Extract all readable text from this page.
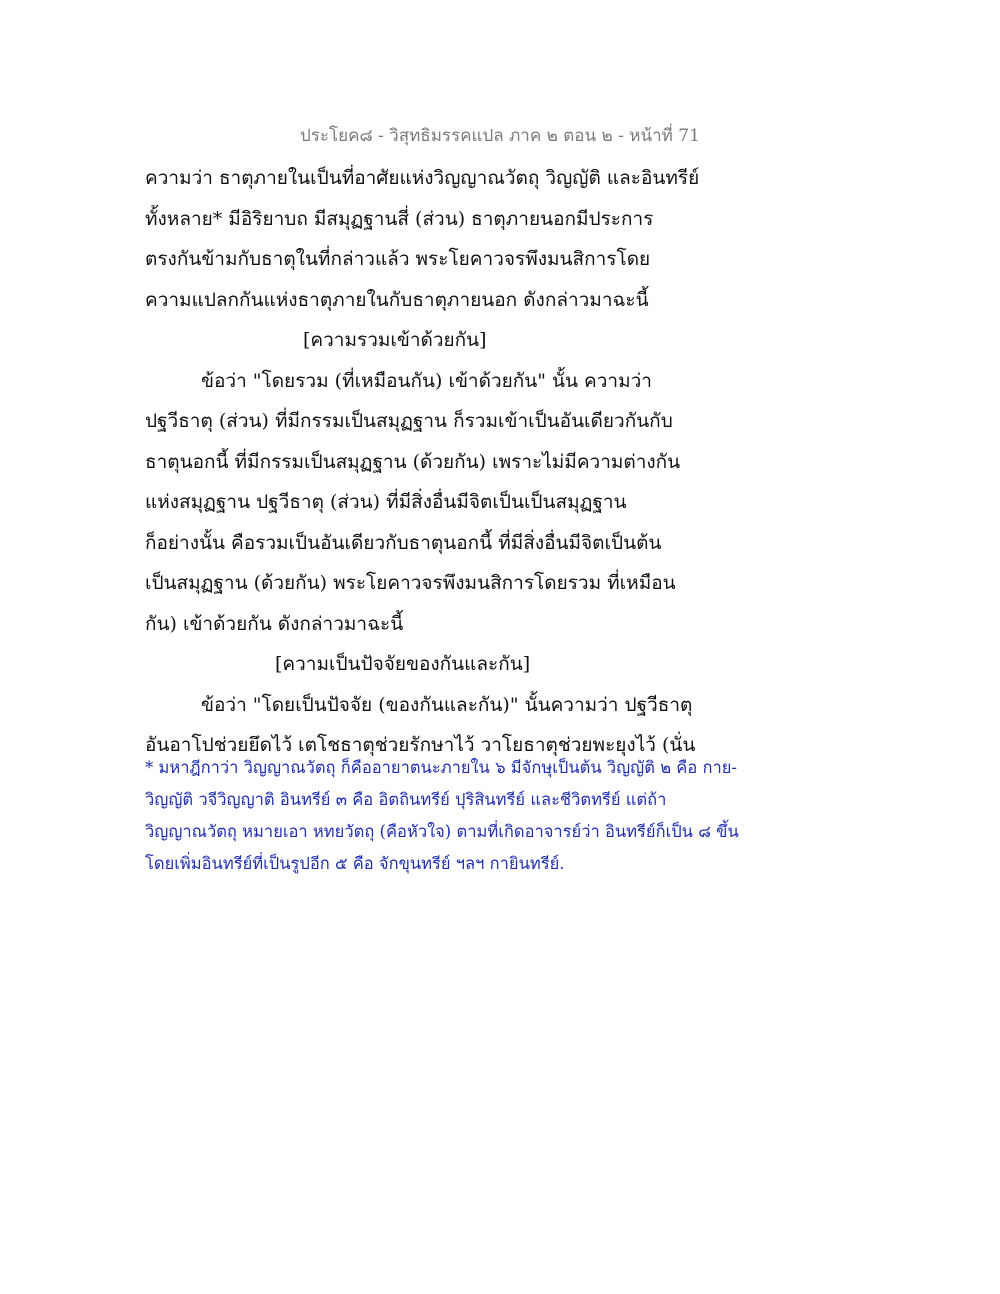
ประโยค๘ - วิสุทธิมรรคแปล ภาค ๒ ตอน ๒ - หน้าที่ 71
ความว่า ธาตุภายในเป็นที่อาศัยแห่งวิญญาณวัตถุ วิญญัติ และอินทรีย์
ทั้งหลาย* มีอิริยาบถ มีสมุฏฐานสี่ (ส่วน) ธาตุภายนอกมีประการ
ตรงกันข้ามกับธาตุในที่กล่าวแล้ว พระโยคาวจรพึงมนสิการโดย
ความแปลกกันแห่งธาตุภายในกับธาตุภายนอก ดังกล่าวมาฉะนี้
[ความรวมเข้าด้วยกัน]
ข้อว่า "โดยรวม (ที่เหมือนกัน) เข้าด้วยกัน" นั้น ความว่า
ปฐวีธาตุ (ส่วน) ที่มีกรรมเป็นสมุฏฐาน ก็รวมเข้าเป็นอันเดียวกันกับ
ธาตุนอกนี้ ที่มีกรรมเป็นสมุฏฐาน (ด้วยกัน) เพราะไม่มีความต่างกัน
แห่งสมุฏฐาน ปฐวีธาตุ (ส่วน) ที่มีสิ่งอื่นมีจิตเป็นเป็นสมุฏฐาน
ก็อย่างนั้น คือรวมเป็นอันเดียวกับธาตุนอกนี้ ที่มีสิ่งอื่นมีจิตเป็นต้น
เป็นสมุฏฐาน (ด้วยกัน) พระโยคาวจรพึงมนสิการโดยรวม ที่เหมือน
กัน) เข้าด้วยกัน ดังกล่าวมาฉะนี้
[ความเป็นปัจจัยของกันและกัน]
ข้อว่า "โดยเป็นปัจจัย (ของกันและกัน)" นั้นความว่า ปฐวีธาตุ
อันอาโปช่วยยึดไว้ เตโชธาตุช่วยรักษาไว้ วาโยธาตุช่วยพะยุงไว้ (นั่น
* มหาฎีกาว่า วิญญาณวัตถุ ก็คืออายาตนะภายใน ๖ มีจักษุเป็นต้น วิญญัติ ๒ คือ กาย-
วิญญัติ วจีวิญญาติ อินทรีย์ ๓ คือ อิตถินทรีย์ ปุริสินทรีย์ และชีวิตทรีย์ แต่ถ้า
วิญญาณวัตถุ หมายเอา หทยวัตถุ (คือหัวใจ) ตามที่เกิดอาจารย์ว่า อินทรีย์ก็เป็น ๘ ขึ้น
โดยเพิ่มอินทรีย์ที่เป็นรูปอีก ๕ คือ จักขุนทรีย์ ฯลฯ กายินทรีย์.
